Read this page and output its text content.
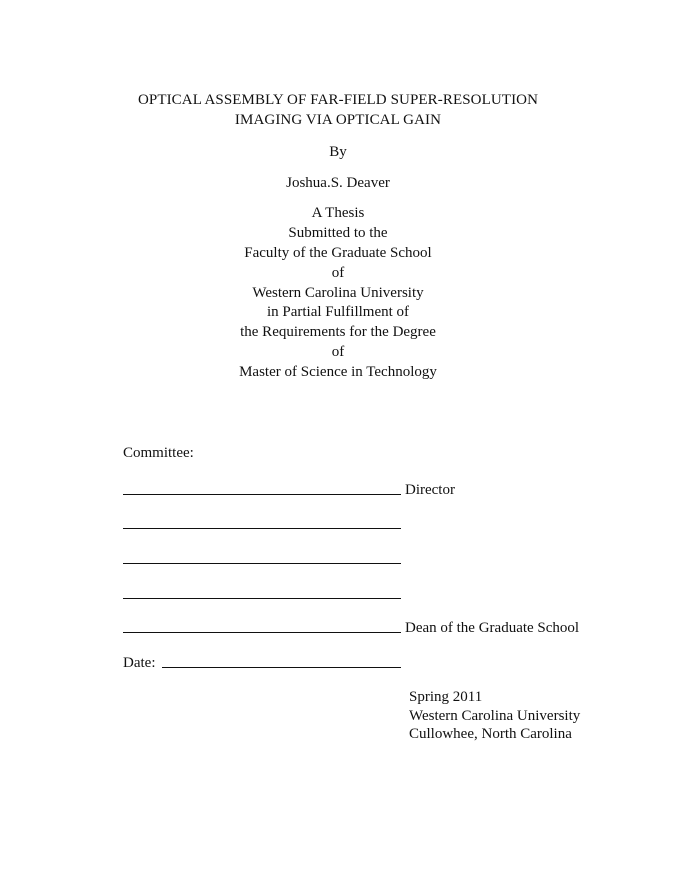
OPTICAL ASSEMBLY OF FAR-FIELD SUPER-RESOLUTION
IMAGING VIA OPTICAL GAIN
By
Joshua.S. Deaver
A Thesis
Submitted to the
Faculty of the Graduate School
of
Western Carolina University
in Partial Fulfillment of
the Requirements for the Degree
of
Master of Science in Technology
Committee:
Director
Dean of the Graduate School
Date:
Spring 2011
Western Carolina University
Cullowhee, North Carolina
